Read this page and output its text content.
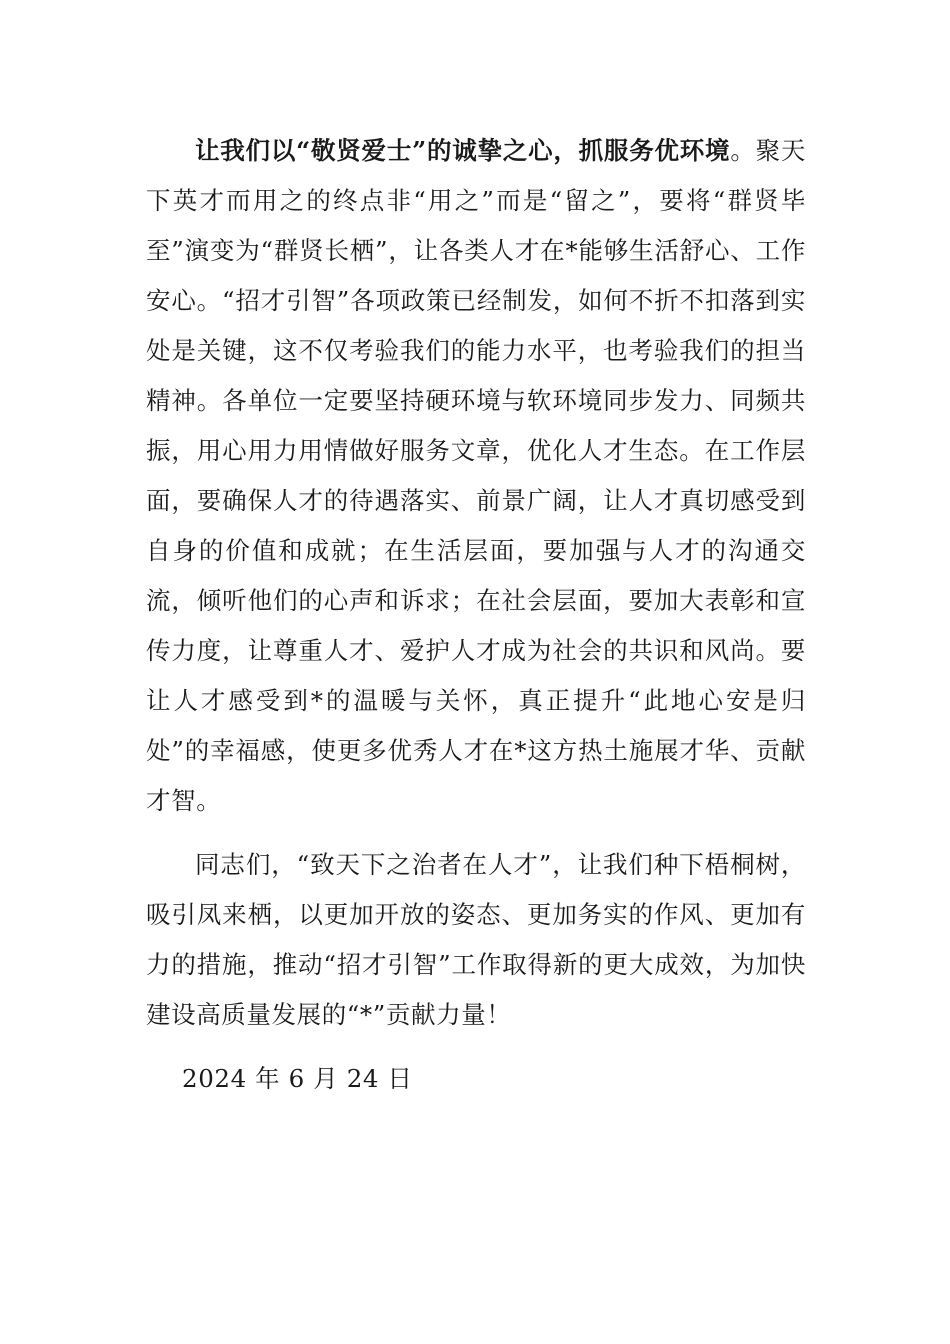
让我们以“敬贤爱士”的诚挚之心，抓服务优环境。聚天下英才而用之的终点非“用之”而是“留之”，要将“群贤毕至”演变为“群贤长栖”，让各类人才在*能够生活舒心、工作安心。“招才引智”各项政策已经制发，如何不折不扣落到实处是关键，这不仅考验我们的能力水平，也考验我们的担当精神。各单位一定要坚持硬环境与软环境同步发力、同频共振，用心用力用情做好服务文章，优化人才生态。在工作层面，要确保人才的待遇落实、前景广阔，让人才真切感受到自身的价值和成就；在生活层面，要加强与人才的沟通交流，倾听他们的心声和诉求；在社会层面，要加大表彰和宣传力度，让尊重人才、爱护人才成为社会的共识和风尚。要让人才感受到*的温暖与关怀，真正提升“此地心安是归处”的幸福感，使更多优秀人才在*这方热土施展才华、贡献才智。

同志们，“致天下之治者在人才”，让我们种下梧桐树，吸引凤来栖，以更加开放的姿态、更加务实的作风、更加有力的措施，推动“招才引智”工作取得新的更大成效，为加快建设高质量发展的“*”贡献力量！

2024 年 6 月 24 日
